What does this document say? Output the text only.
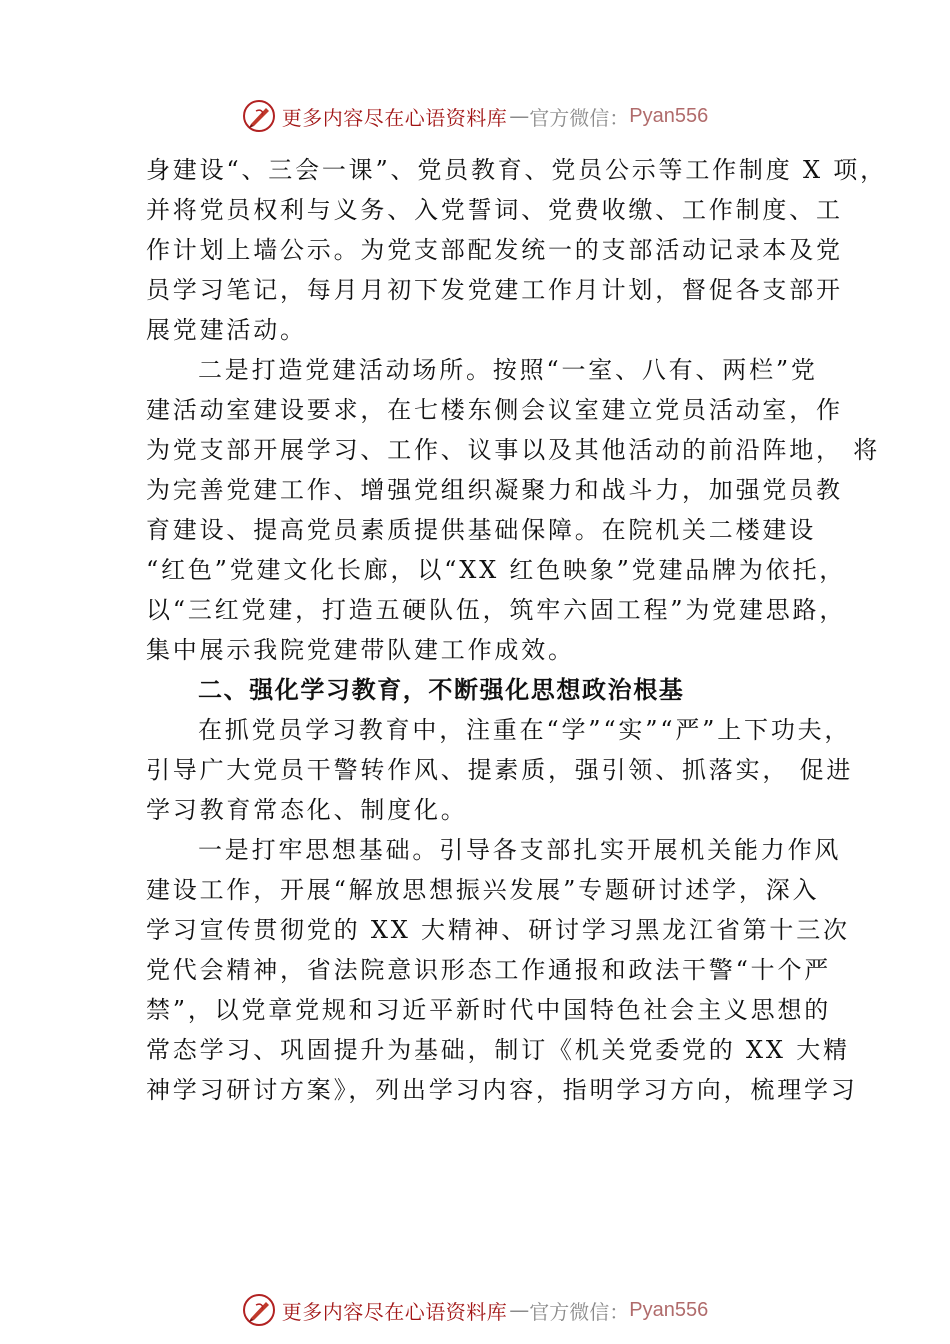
更多内容尽在心语资料库 — 官方微信： Pyan556
身建设“、三会一课”、党员教育、党员公示等工作制度 X 项，
并将党员权利与义务、入党誓词、党费收缴、工作制度、工
作计划上墙公示。为党支部配发统一的支部活动记录本及党
员学习笔记，每月月初下发党建工作月计划，督促各支部开
展党建活动。
二是打造党建活动场所。按照“一室、八有、两栏”党
建活动室建设要求，在七楼东侧会议室建立党员活动室，作
为党支部开展学习、工作、议事以及其他活动的前沿阵地， 将
为完善党建工作、增强党组织凝聚力和战斗力，加强党员教
育建设、提高党员素质提供基础保障。在院机关二楼建设
“红色”党建文化长廊，以“XX 红色映象”党建品牌为依托，
以“三红党建，打造五硬队伍，筑牢六固工程”为党建思路，
集中展示我院党建带队建工作成效。
二、强化学习教育，不断强化思想政治根基
在抓党员学习教育中，注重在“学”“实”“严”上下功夫，
引导广大党员干警转作风、提素质，强引领、抓落实， 促进
学习教育常态化、制度化。
一是打牢思想基础。引导各支部扎实开展机关能力作风
建设工作，开展“解放思想振兴发展”专题研讨述学，深入
学习宣传贯彻党的 XX 大精神、研讨学习黑龙江省第十三次
党代会精神，省法院意识形态工作通报和政法干警“十个严
禁”，以党章党规和习近平新时代中国特色社会主义思想的
常态学习、巩固提升为基础，制订《机关党委党的 XX 大精
神学习研讨方案》，列出学习内容，指明学习方向，梳理学习
更多内容尽在心语资料库 — 官方微信： Pyan556
